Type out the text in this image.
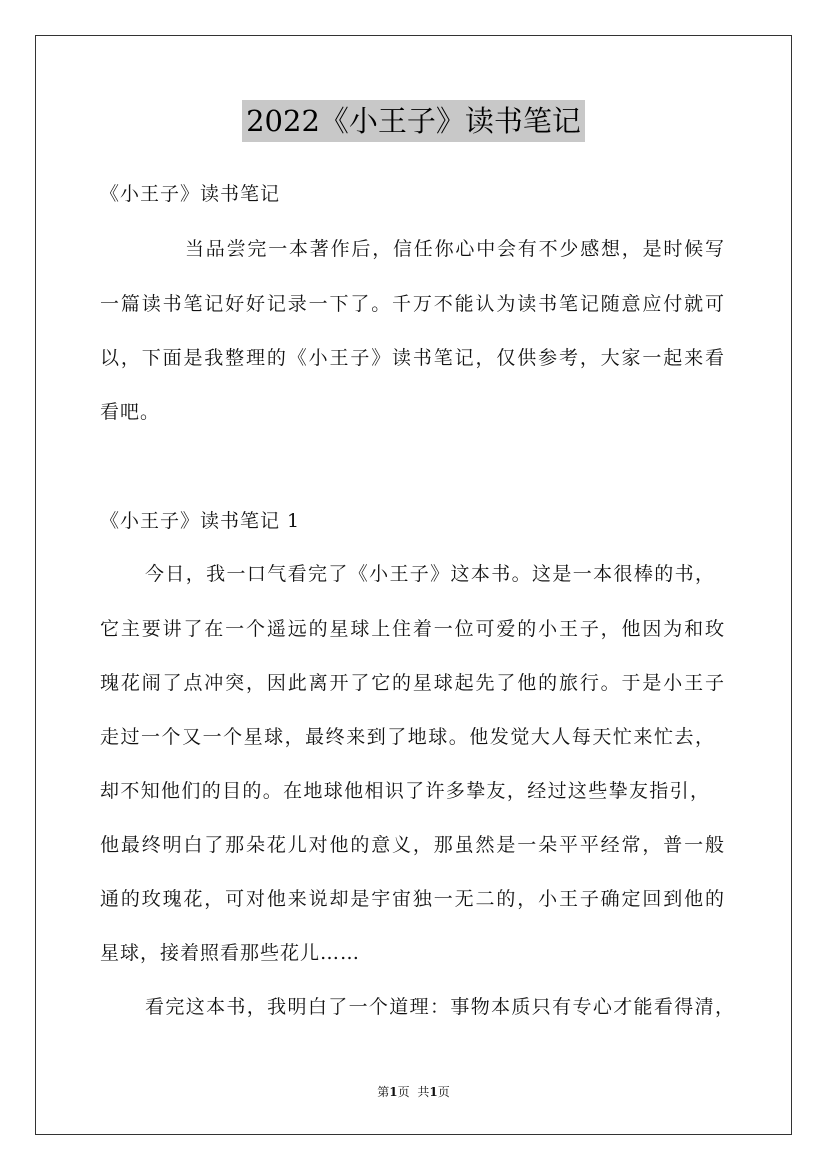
2022《小王子》读书笔记
《小王子》读书笔记
当品尝完一本著作后，信任你心中会有不少感想，是时候写
一篇读书笔记好好记录一下了。千万不能认为读书笔记随意应付就可
以，下面是我整理的《小王子》读书笔记，仅供参考，大家一起来看
看吧。
《小王子》读书笔记 1
今日，我一口气看完了《小王子》这本书。这是一本很棒的书，
它主要讲了在一个遥远的星球上住着一位可爱的小王子，他因为和玫
瑰花闹了点冲突，因此离开了它的星球起先了他的旅行。于是小王子
走过一个又一个星球，最终来到了地球。他发觉大人每天忙来忙去，
却不知他们的目的。在地球他相识了许多挚友，经过这些挚友指引，
他最终明白了那朵花儿对他的意义，那虽然是一朵平平经常，普一般
通的玫瑰花，可对他来说却是宇宙独一无二的，小王子确定回到他的
星球，接着照看那些花儿……
看完这本书，我明白了一个道理：事物本质只有专心才能看得清，
第1页 共1页
